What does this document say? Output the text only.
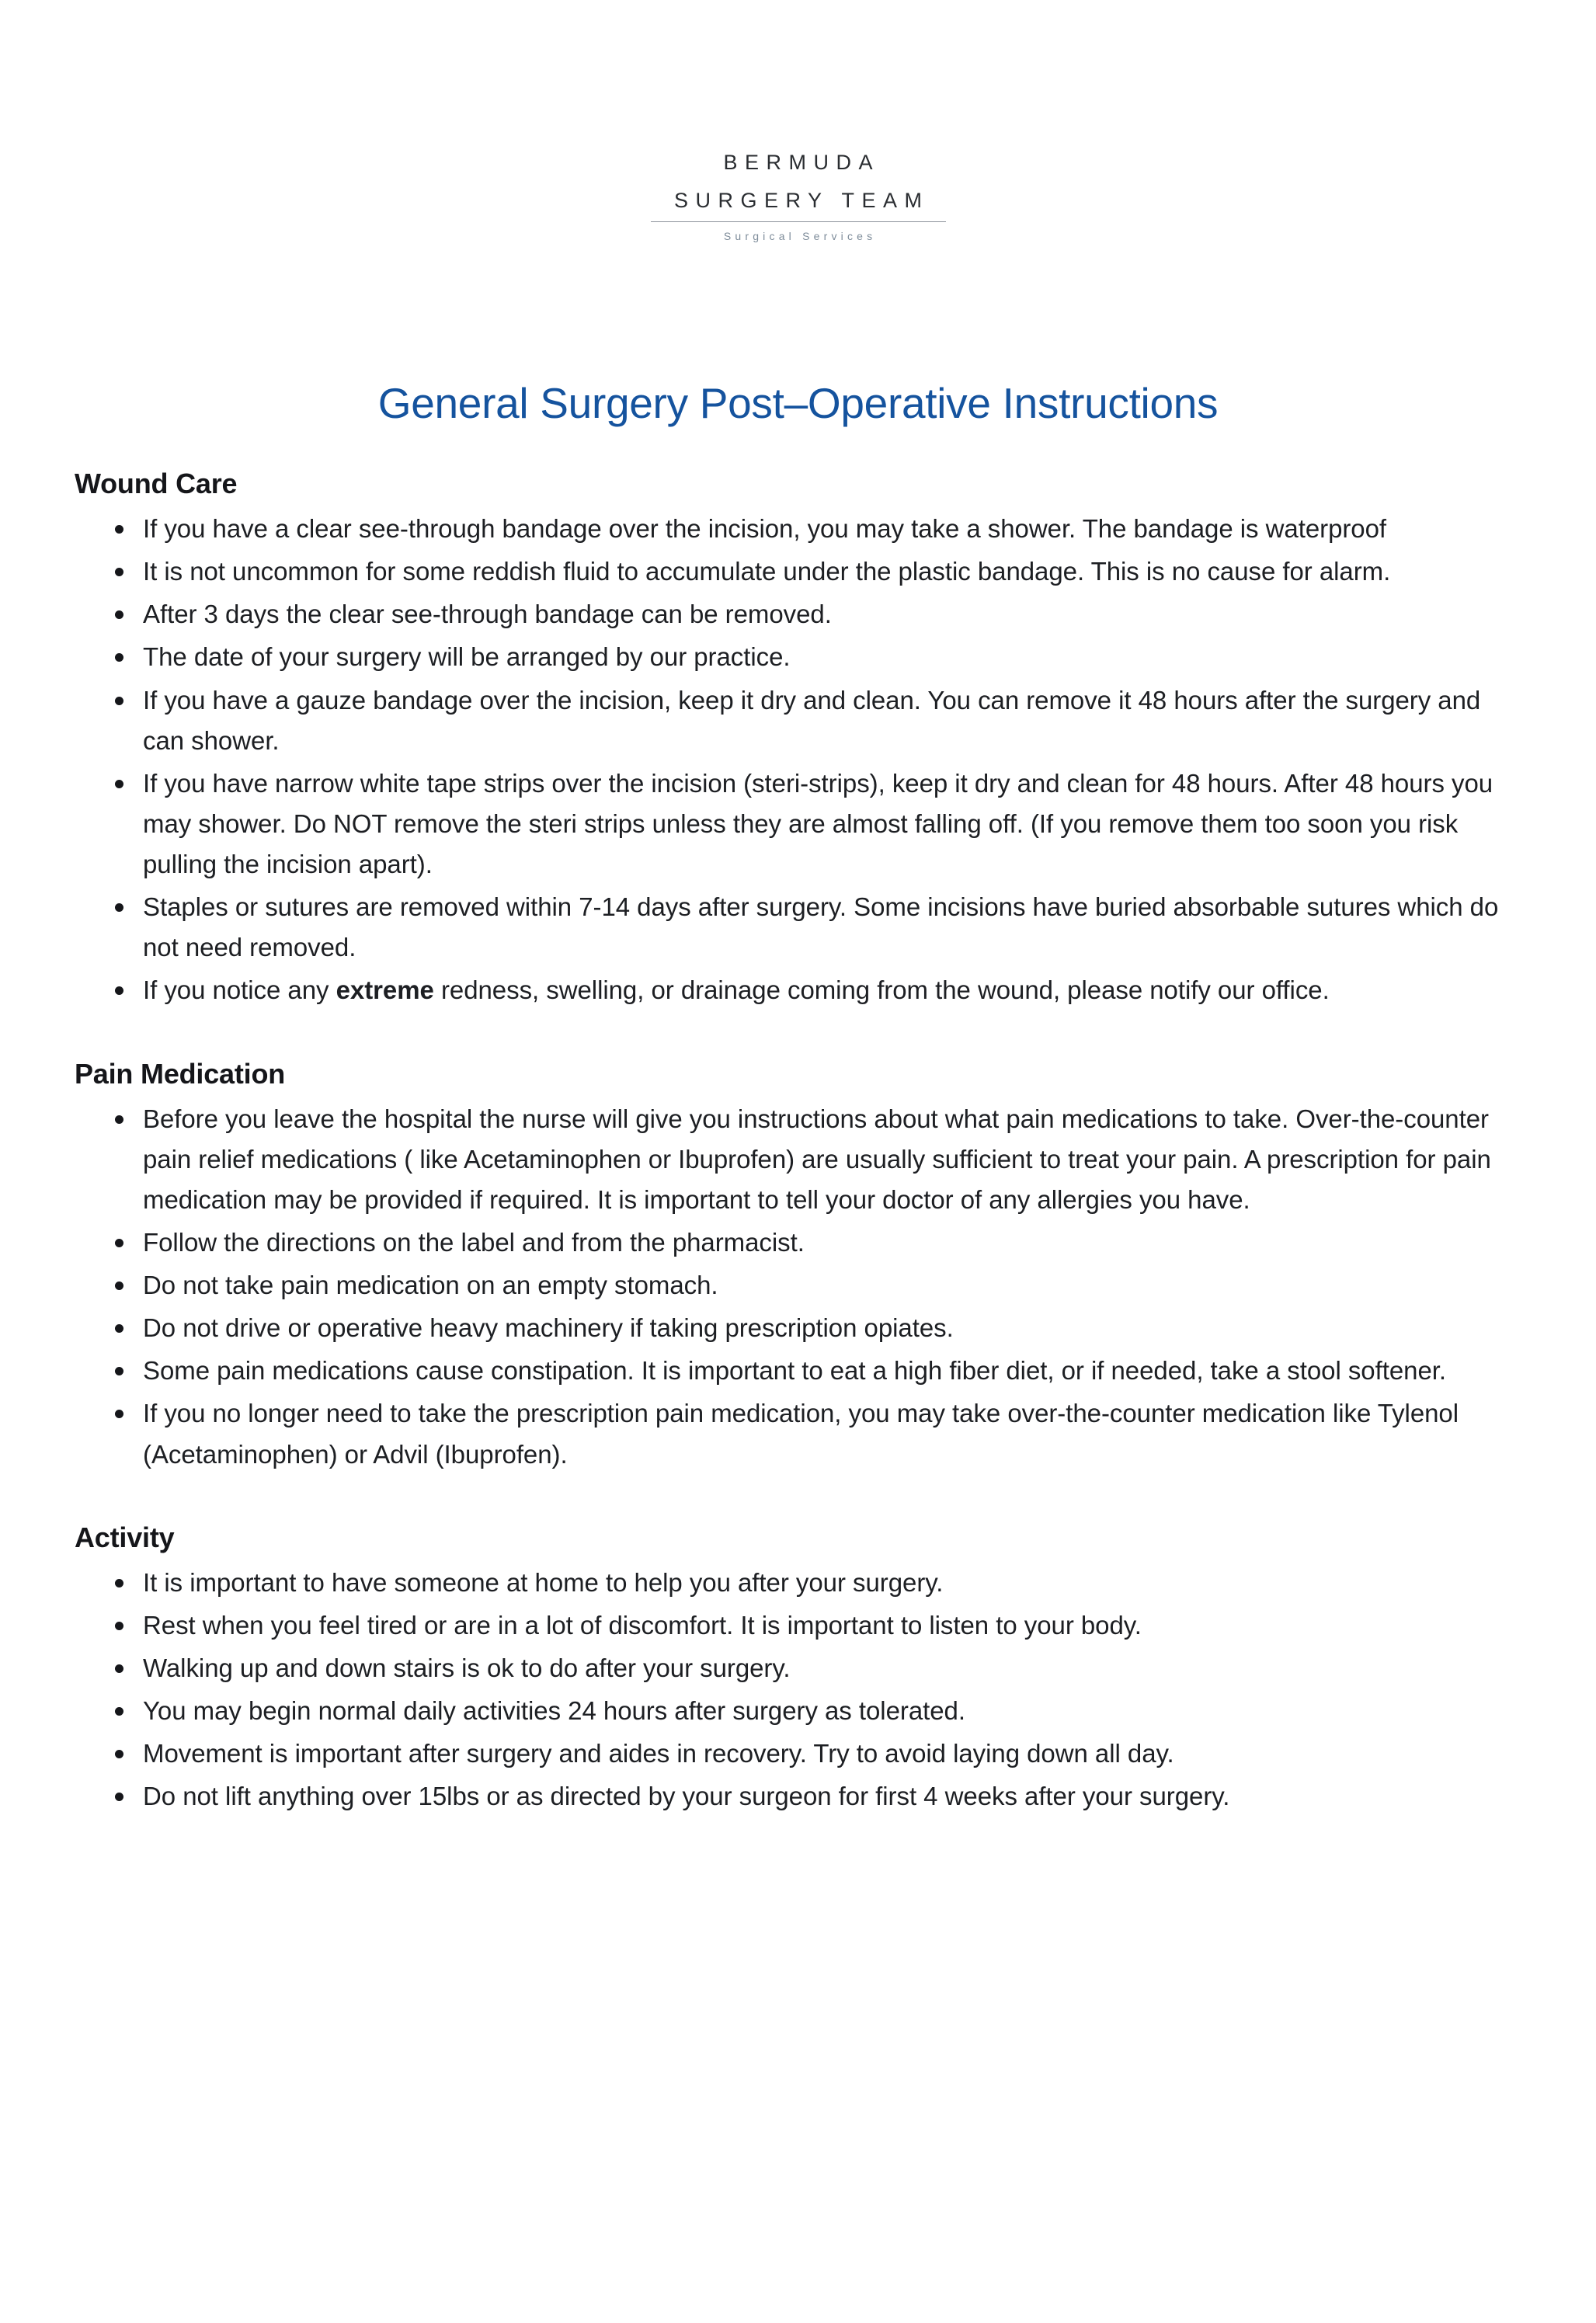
BERMUDA
SURGERY TEAM
Surgical Services
General Surgery Post–Operative Instructions
Wound Care
If you have a clear see-through bandage over the incision, you may take a shower. The bandage is waterproof
It is not uncommon for some reddish fluid to accumulate under the plastic bandage. This is no cause for alarm.
After 3 days the clear see-through bandage can be removed.
The date of your surgery will be arranged by our practice.
If you have a gauze bandage over the incision, keep it dry and clean. You can remove it 48 hours after the surgery and can shower.
If you have narrow white tape strips over the incision (steri-strips), keep it dry and clean for 48 hours. After 48 hours you may shower. Do NOT remove the steri strips unless they are almost falling off. (If you remove them too soon you risk pulling the incision apart).
Staples or sutures are removed within 7-14 days after surgery. Some incisions have buried absorbable sutures which do not need removed.
If you notice any extreme redness, swelling, or drainage coming from the wound, please notify our office.
Pain Medication
Before you leave the hospital the nurse will give you instructions about what pain medications to take. Over-the-counter pain relief medications ( like Acetaminophen or Ibuprofen) are usually sufficient to treat your pain. A prescription for pain medication may be provided if required. It is important to tell your doctor of any allergies you have.
Follow the directions on the label and from the pharmacist.
Do not take pain medication on an empty stomach.
Do not drive or operative heavy machinery if taking prescription opiates.
Some pain medications cause constipation. It is important to eat a high fiber diet, or if needed, take a stool softener.
If you no longer need to take the prescription pain medication, you may take over-the-counter medication like Tylenol (Acetaminophen) or Advil (Ibuprofen).
Activity
It is important to have someone at home to help you after your surgery.
Rest when you feel tired or are in a lot of discomfort. It is important to listen to your body.
Walking up and down stairs is ok to do after your surgery.
You may begin normal daily activities 24 hours after surgery as tolerated.
Movement is important after surgery and aides in recovery. Try to avoid laying down all day.
Do not lift anything over 15lbs or as directed by your surgeon for first 4 weeks after your surgery.
